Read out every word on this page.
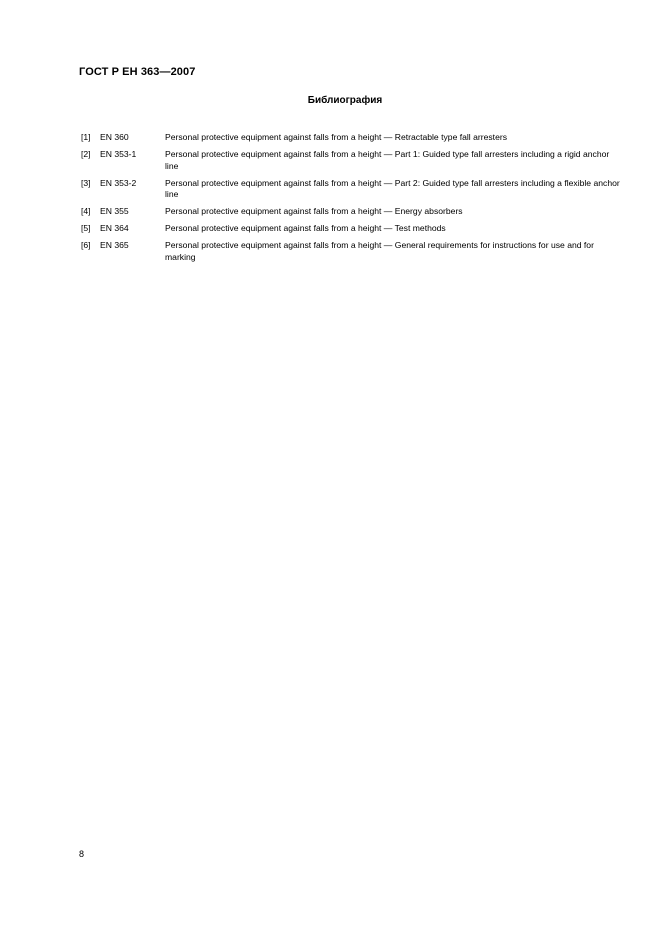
ГОСТ Р ЕН 363—2007
Библиография
[1]	EN 360	Personal protective equipment against falls from a height — Retractable type fall arresters
[2]	EN 353-1	Personal protective equipment against falls from a height — Part 1: Guided type fall arresters including a rigid anchor line
[3]	EN 353-2	Personal protective equipment against falls from a height — Part 2: Guided type fall arresters including a flexible anchor line
[4]	EN 355	Personal protective equipment against falls from a height — Energy absorbers
[5]	EN 364	Personal protective equipment against falls from a height — Test methods
[6]	EN 365	Personal protective equipment against falls from a height — General requirements for instructions for use and for marking
8
